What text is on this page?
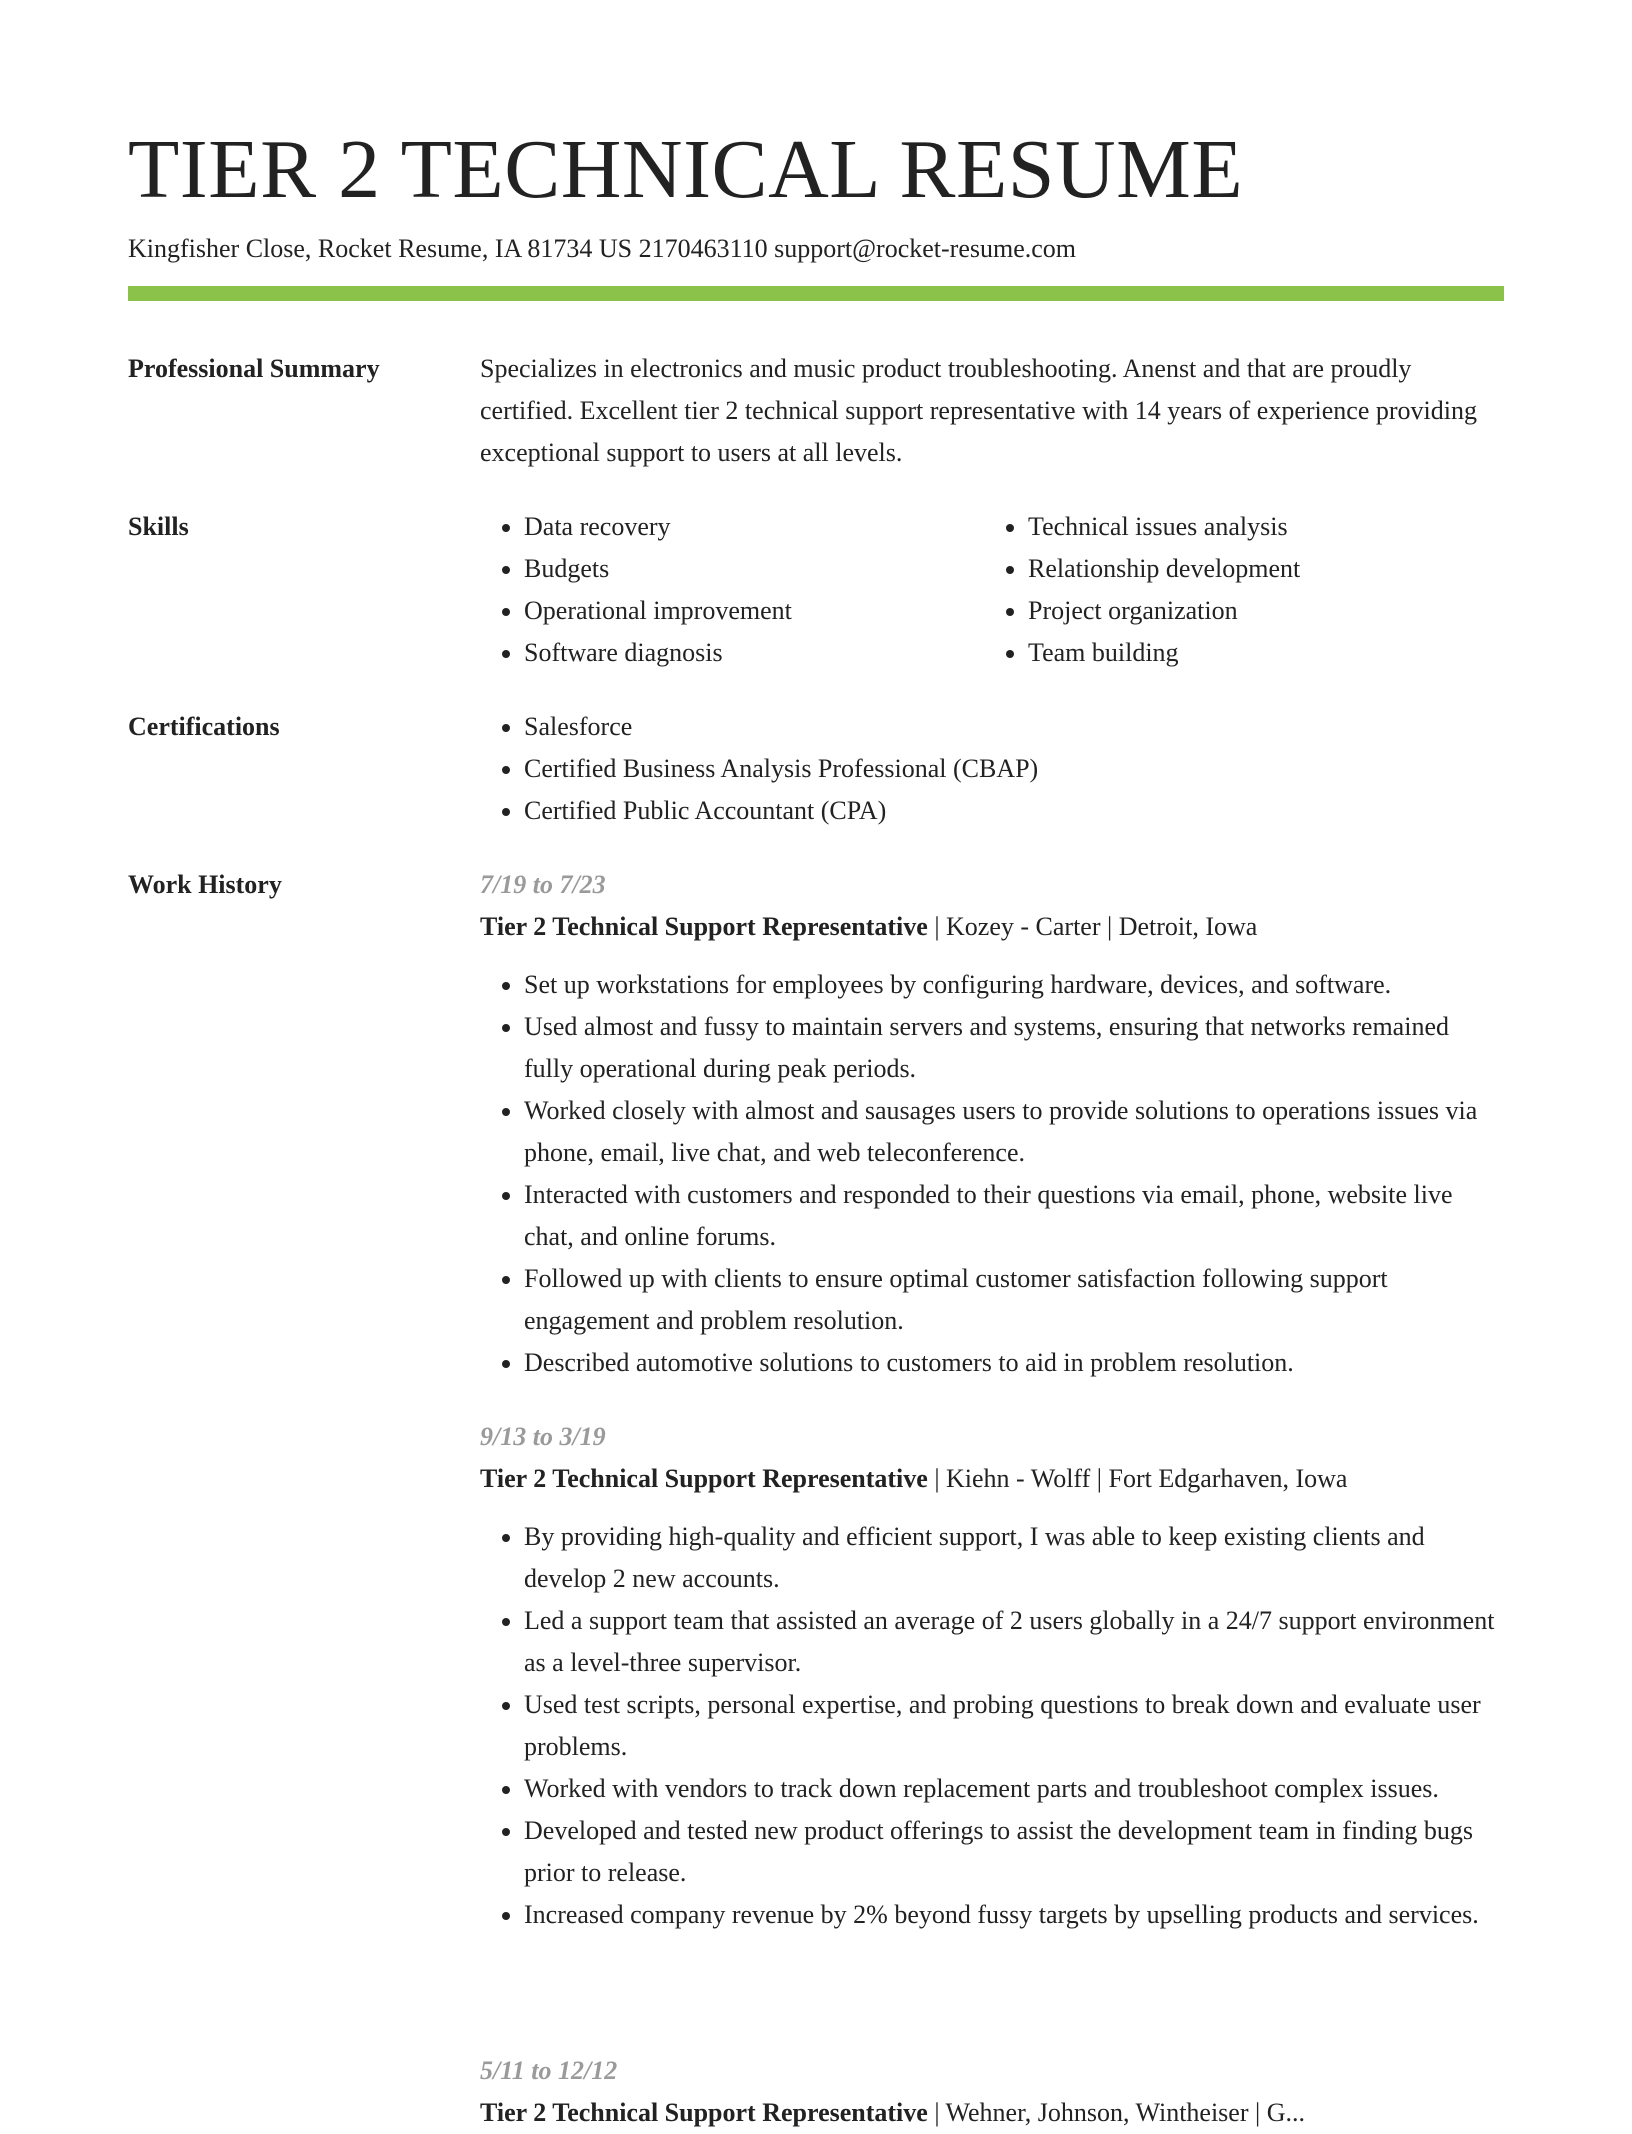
TIER 2 TECHNICAL RESUME
Kingfisher Close, Rocket Resume, IA 81734 US 2170463110 support@rocket-resume.com
Professional Summary	Specializes in electronics and music product troubleshooting. Anenst and that are proudly certified. Excellent tier 2 technical support representative with 14 years of experience providing exceptional support to users at all levels.

Skills	• Data recovery
• Budgets
• Operational improvement
• Software diagnosis
• Technical issues analysis
• Relationship development
• Project organization
• Team building
Certifications	• Salesforce
• Certified Business Analysis Professional (CBAP)
• Certified Public Accountant (CPA)
Work History	7/19 to 7/23
Tier 2 Technical Support Representative | Kozey - Carter | Detroit, Iowa
• Set up workstations for employees by configuring hardware, devices, and software.
• Used almost and fussy to maintain servers and systems, ensuring that networks remained fully operational during peak periods.
• Worked closely with almost and sausages users to provide solutions to operations issues via phone, email, live chat, and web teleconference.
• Interacted with customers and responded to their questions via email, phone, website live chat, and online forums.
• Followed up with clients to ensure optimal customer satisfaction following support engagement and problem resolution.
• Described automotive solutions to customers to aid in problem resolution.
9/13 to 3/19
Tier 2 Technical Support Representative | Kiehn - Wolff | Fort Edgarhaven, Iowa
• By providing high-quality and efficient support, I was able to keep existing clients and develop 2 new accounts.
• Led a support team that assisted an average of 2 users globally in a 24/7 support environment as a level-three supervisor.
• Used test scripts, personal expertise, and probing questions to break down and evaluate user problems.
• Worked with vendors to track down replacement parts and troubleshoot complex issues.
• Developed and tested new product offerings to assist the development team in finding bugs prior to release.
• Increased company revenue by 2% beyond fussy targets by upselling products and services.
5/11 to 12/12
Tier 2 Technical Support Representative | Wehner, Johnson, Wintheiser | G...
